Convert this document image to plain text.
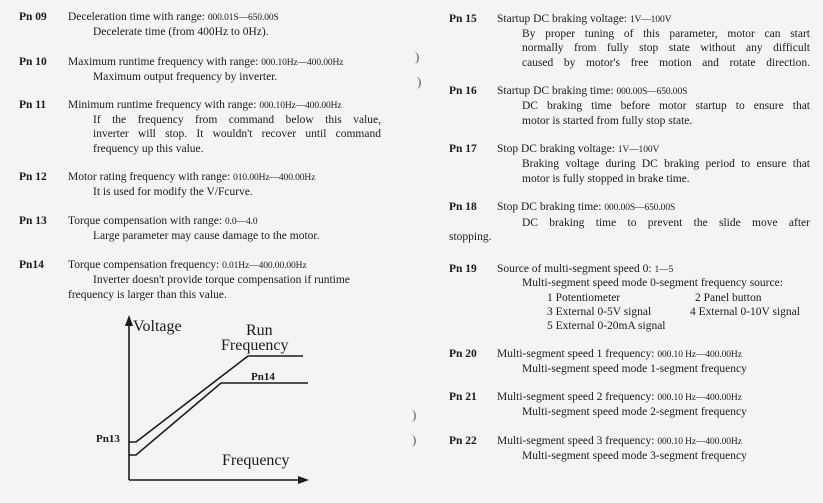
Pn 09 Deceleration time with range: 000.01S—650.00S
Decelerate time (from 400Hz to 0Hz).
Pn 10 Maximum runtime frequency with range: 000.10Hz—400.00Hz
Maximum output frequency by inverter.
Pn 11 Minimum runtime frequency with range: 000.10Hz—400.00Hz
If the frequency from command below this value,
inverter will stop. It wouldn't recover until command
frequency up this value.
Pn 12 Motor rating frequency with range: 010.00Hz—400.00Hz
It is used for modify the V/Fcurve.
Pn 13 Torque compensation with range: 0.0—4.0
Large parameter may cause damage to the motor.
Pn14 Torque compensation frequency: 0.01Hz—400.00.00Hz
Inverter doesn't provide torque compensation if runtime
frequency is larger than this value.
Voltage	Run
Frequency
Pn14
Pn13
Frequency
)
)
)
)
Pn 15 Startup DC braking voltage: 1V—100V
By proper tuning of this parameter, motor can start
normally from fully stop state without any difficult
caused by motor's free motion and rotate direction.
Pn 16 Startup DC braking time: 000.00S—650.00S
DC braking time before motor startup to ensure that
motor is started from fully stop state.
Pn 17 Stop DC braking voltage: 1V—100V
Braking voltage during DC braking period to ensure that
motor is fully stopped in brake time.
Pn 18 Stop DC braking time: 000.00S—650.00S
DC braking time to prevent the slide move after
stopping.
Pn 19 Source of multi-segment speed 0: 1—5
Multi-segment speed mode 0-segment frequency source:
1 Potentiometer	2 Panel button
3 External 0-5V signal	4 External 0-10V signal
5 External 0-20mA signal
Pn 20 Multi-segment speed 1 frequency: 000.10 Hz—400.00Hz
Multi-segment speed mode 1-segment frequency
Pn 21 Multi-segment speed 2 frequency: 000.10 Hz—400.00Hz
Multi-segment speed mode 2-segment frequency
Pn 22 Multi-segment speed 3 frequency: 000.10 Hz—400.00Hz
Multi-segment speed mode 3-segment frequency
